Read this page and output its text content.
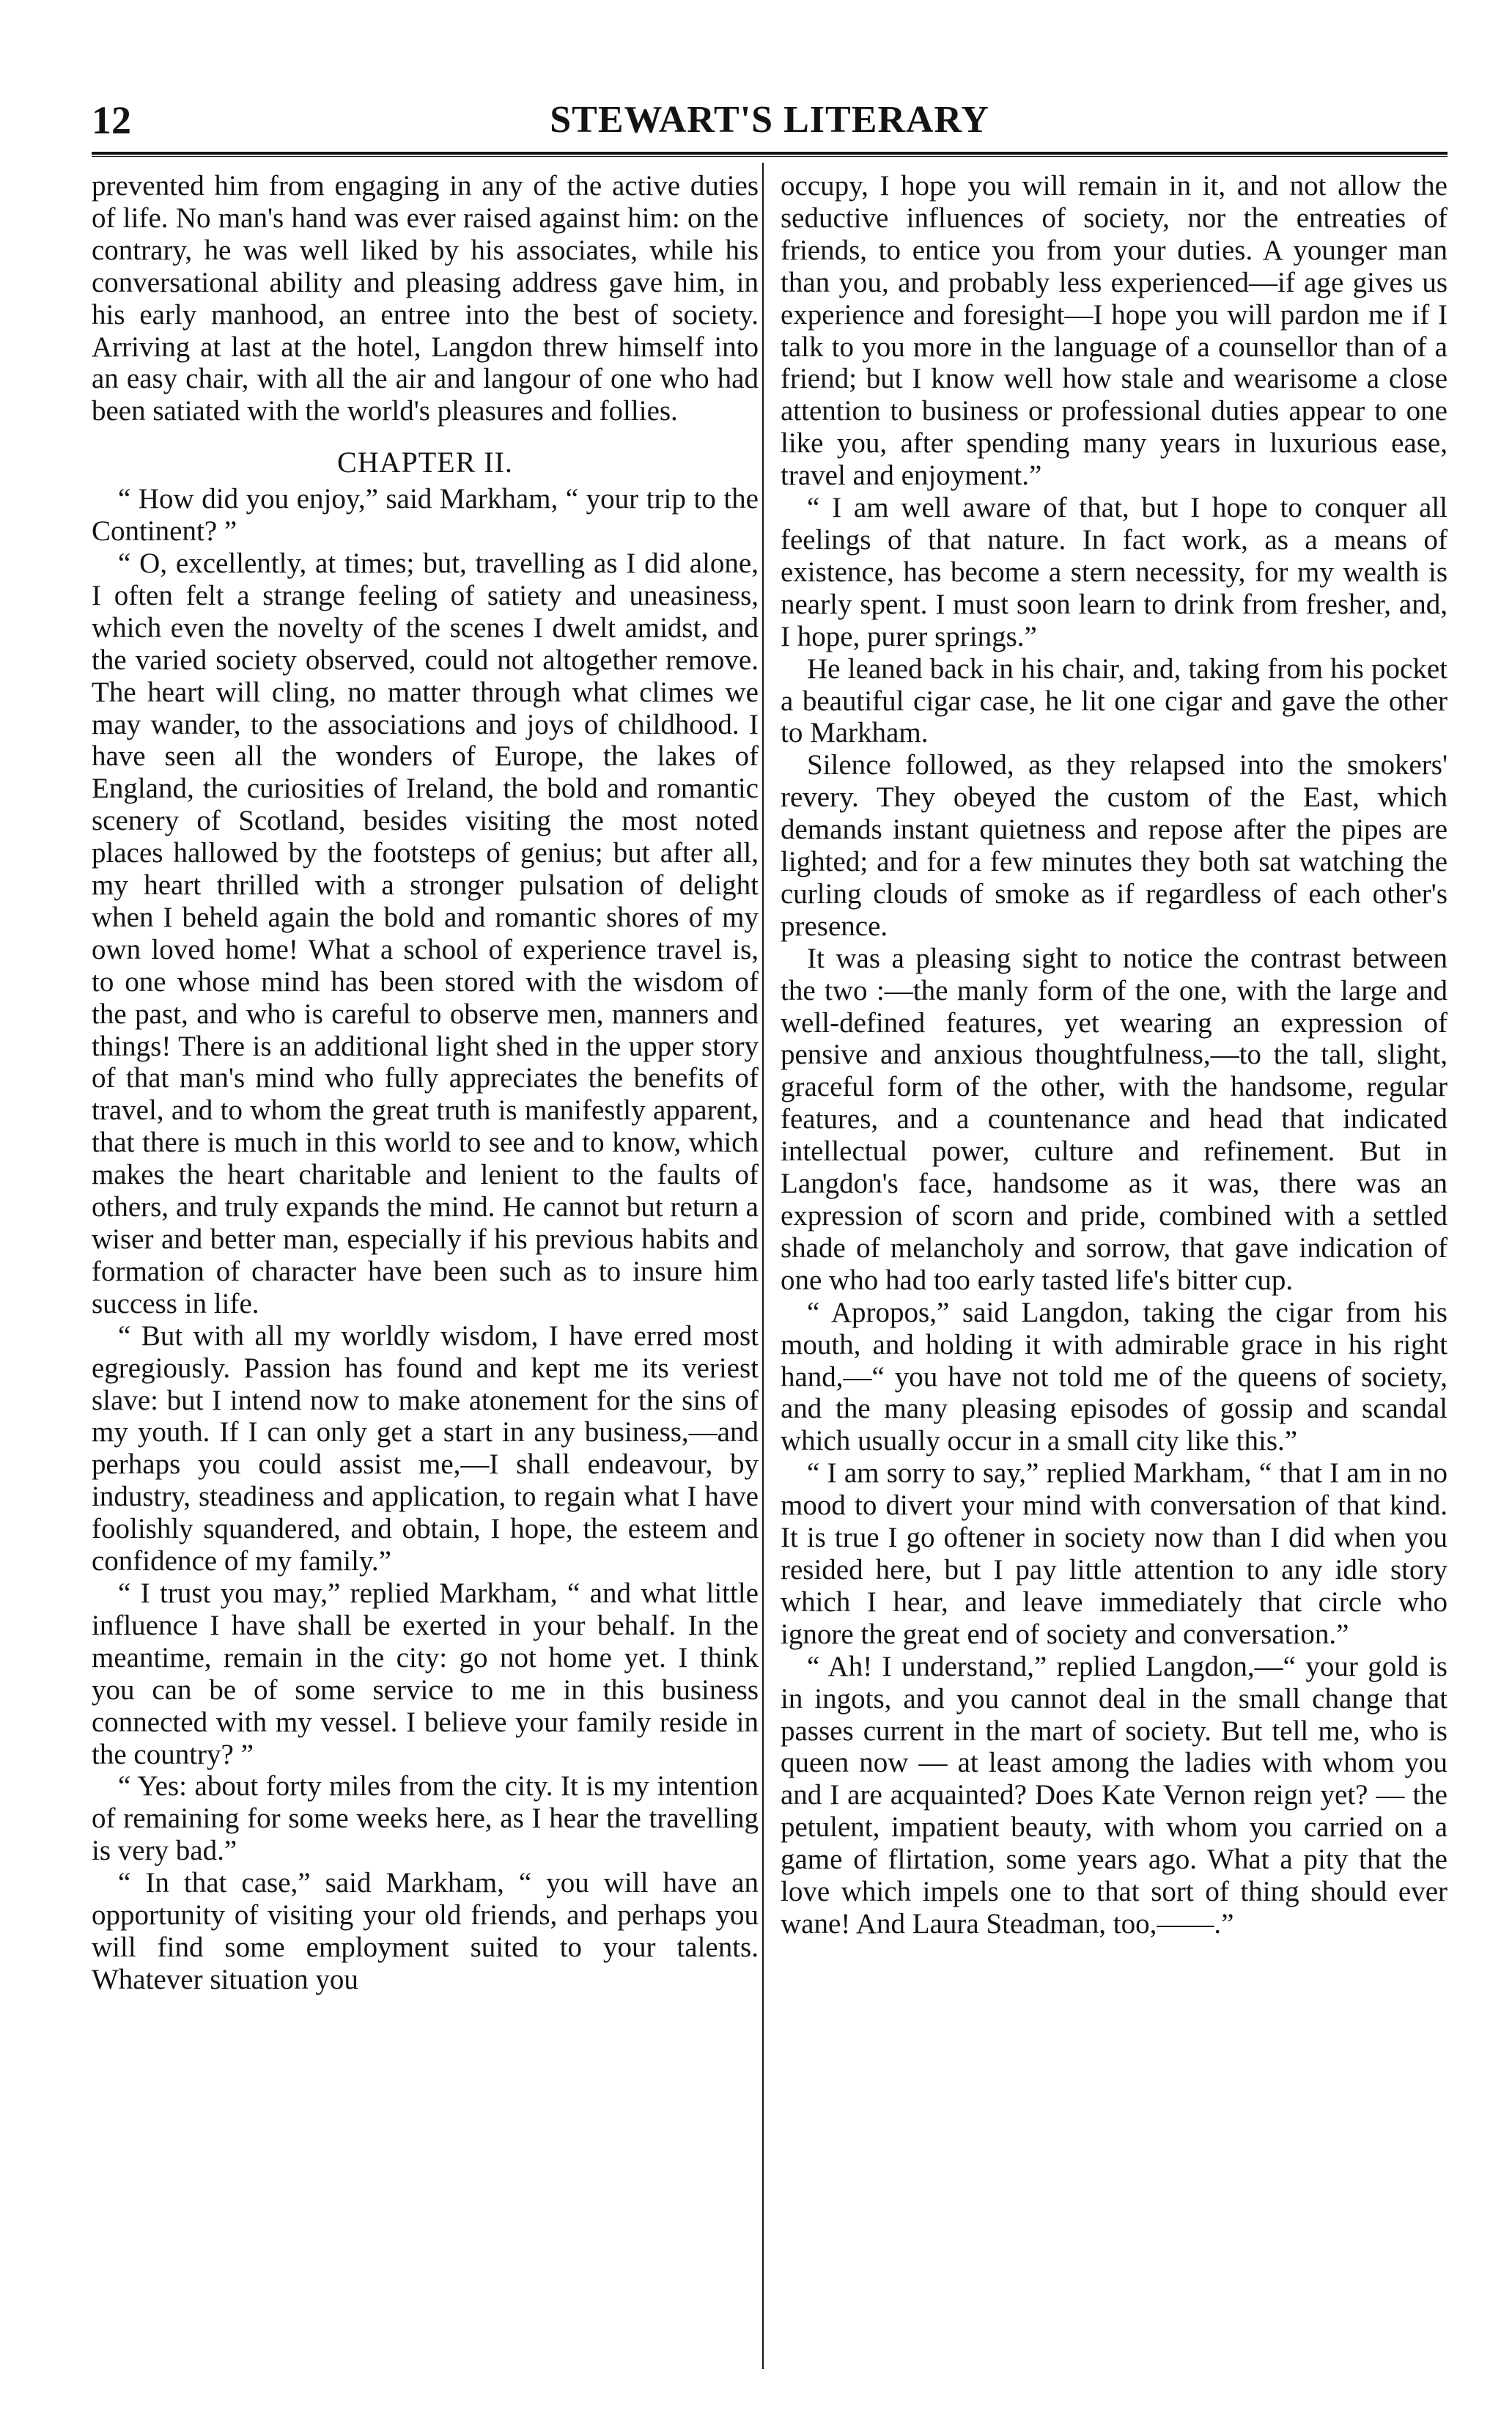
12	STEWART'S LITERARY

prevented him from engaging in any of the active duties of life. No man's hand was ever raised against him: on the contrary, he was well liked by his associates, while his conversational ability and pleasing address gave him, in his early manhood, an entree into the best of society. Arriving at last at the hotel, Langdon threw himself into an easy chair, with all the air and langour of one who had been satiated with the world's pleasures and follies.

CHAPTER II.

“ How did you enjoy,” said Markham, “ your trip to the Continent? ”

“ O, excellently, at times; but, travelling as I did alone, I often felt a strange feeling of satiety and uneasiness, which even the novelty of the scenes I dwelt amidst, and the varied society observed, could not altogether remove. The heart will cling, no matter through what climes we may wander, to the associations and joys of childhood. I have seen all the wonders of Europe, the lakes of England, the curiosities of Ireland, the bold and romantic scenery of Scotland, besides visiting the most noted places hallowed by the footsteps of genius; but after all, my heart thrilled with a stronger pulsation of delight when I beheld again the bold and romantic shores of my own loved home! What a school of experience travel is, to one whose mind has been stored with the wisdom of the past, and who is careful to observe men, manners and things! There is an additional light shed in the upper story of that man's mind who fully appreciates the benefits of travel, and to whom the great truth is manifestly apparent, that there is much in this world to see and to know, which makes the heart charitable and lenient to the faults of others, and truly expands the mind. He cannot but return a wiser and better man, especially if his previous habits and formation of character have been such as to insure him success in life.

“ But with all my worldly wisdom, I have erred most egregiously. Passion has found and kept me its veriest slave: but I intend now to make atonement for the sins of my youth. If I can only get a start in any business,—and perhaps you could assist me,—I shall endeavour, by industry, steadiness and application, to regain what I have foolishly squandered, and obtain, I hope, the esteem and confidence of my family.”

“ I trust you may,” replied Markham, “ and what little influence I have shall be exerted in your behalf. In the meantime, remain in the city: go not home yet. I think you can be of some service to me in this business connected with my vessel. I believe your family reside in the country? ”

“ Yes: about forty miles from the city. It is my intention of remaining for some weeks here, as I hear the travelling is very bad.”

“ In that case,” said Markham, “ you will have an opportunity of visiting your old friends, and perhaps you will find some employment suited to your talents. Whatever situation you

occupy, I hope you will remain in it, and not allow the seductive influences of society, nor the entreaties of friends, to entice you from your duties. A younger man than you, and probably less experienced—if age gives us experience and foresight—I hope you will pardon me if I talk to you more in the language of a counsellor than of a friend; but I know well how stale and wearisome a close attention to business or professional duties appear to one like you, after spending many years in luxurious ease, travel and enjoyment.”

“ I am well aware of that, but I hope to conquer all feelings of that nature. In fact work, as a means of existence, has become a stern necessity, for my wealth is nearly spent. I must soon learn to drink from fresher, and, I hope, purer springs.”

He leaned back in his chair, and, taking from his pocket a beautiful cigar case, he lit one cigar and gave the other to Markham.

Silence followed, as they relapsed into the smokers' revery. They obeyed the custom of the East, which demands instant quietness and repose after the pipes are lighted; and for a few minutes they both sat watching the curling clouds of smoke as if regardless of each other's presence.

It was a pleasing sight to notice the contrast between the two :—the manly form of the one, with the large and well-defined features, yet wearing an expression of pensive and anxious thoughtfulness,—to the tall, slight, graceful form of the other, with the handsome, regular features, and a countenance and head that indicated intellectual power, culture and refinement. But in Langdon's face, handsome as it was, there was an expression of scorn and pride, combined with a settled shade of melancholy and sorrow, that gave indication of one who had too early tasted life's bitter cup.

“ Apropos,” said Langdon, taking the cigar from his mouth, and holding it with admirable grace in his right hand,—“ you have not told me of the queens of society, and the many pleasing episodes of gossip and scandal which usually occur in a small city like this.”

“ I am sorry to say,” replied Markham, “ that I am in no mood to divert your mind with conversation of that kind. It is true I go oftener in society now than I did when you resided here, but I pay little attention to any idle story which I hear, and leave immediately that circle who ignore the great end of society and conversation.”

“ Ah! I understand,” replied Langdon,—“ your gold is in ingots, and you cannot deal in the small change that passes current in the mart of society. But tell me, who is queen now — at least among the ladies with whom you and I are acquainted? Does Kate Vernon reign yet? — the petulent, impatient beauty, with whom you carried on a game of flirtation, some years ago. What a pity that the love which impels one to that sort of thing should ever wane! And Laura Steadman, too,——.”
